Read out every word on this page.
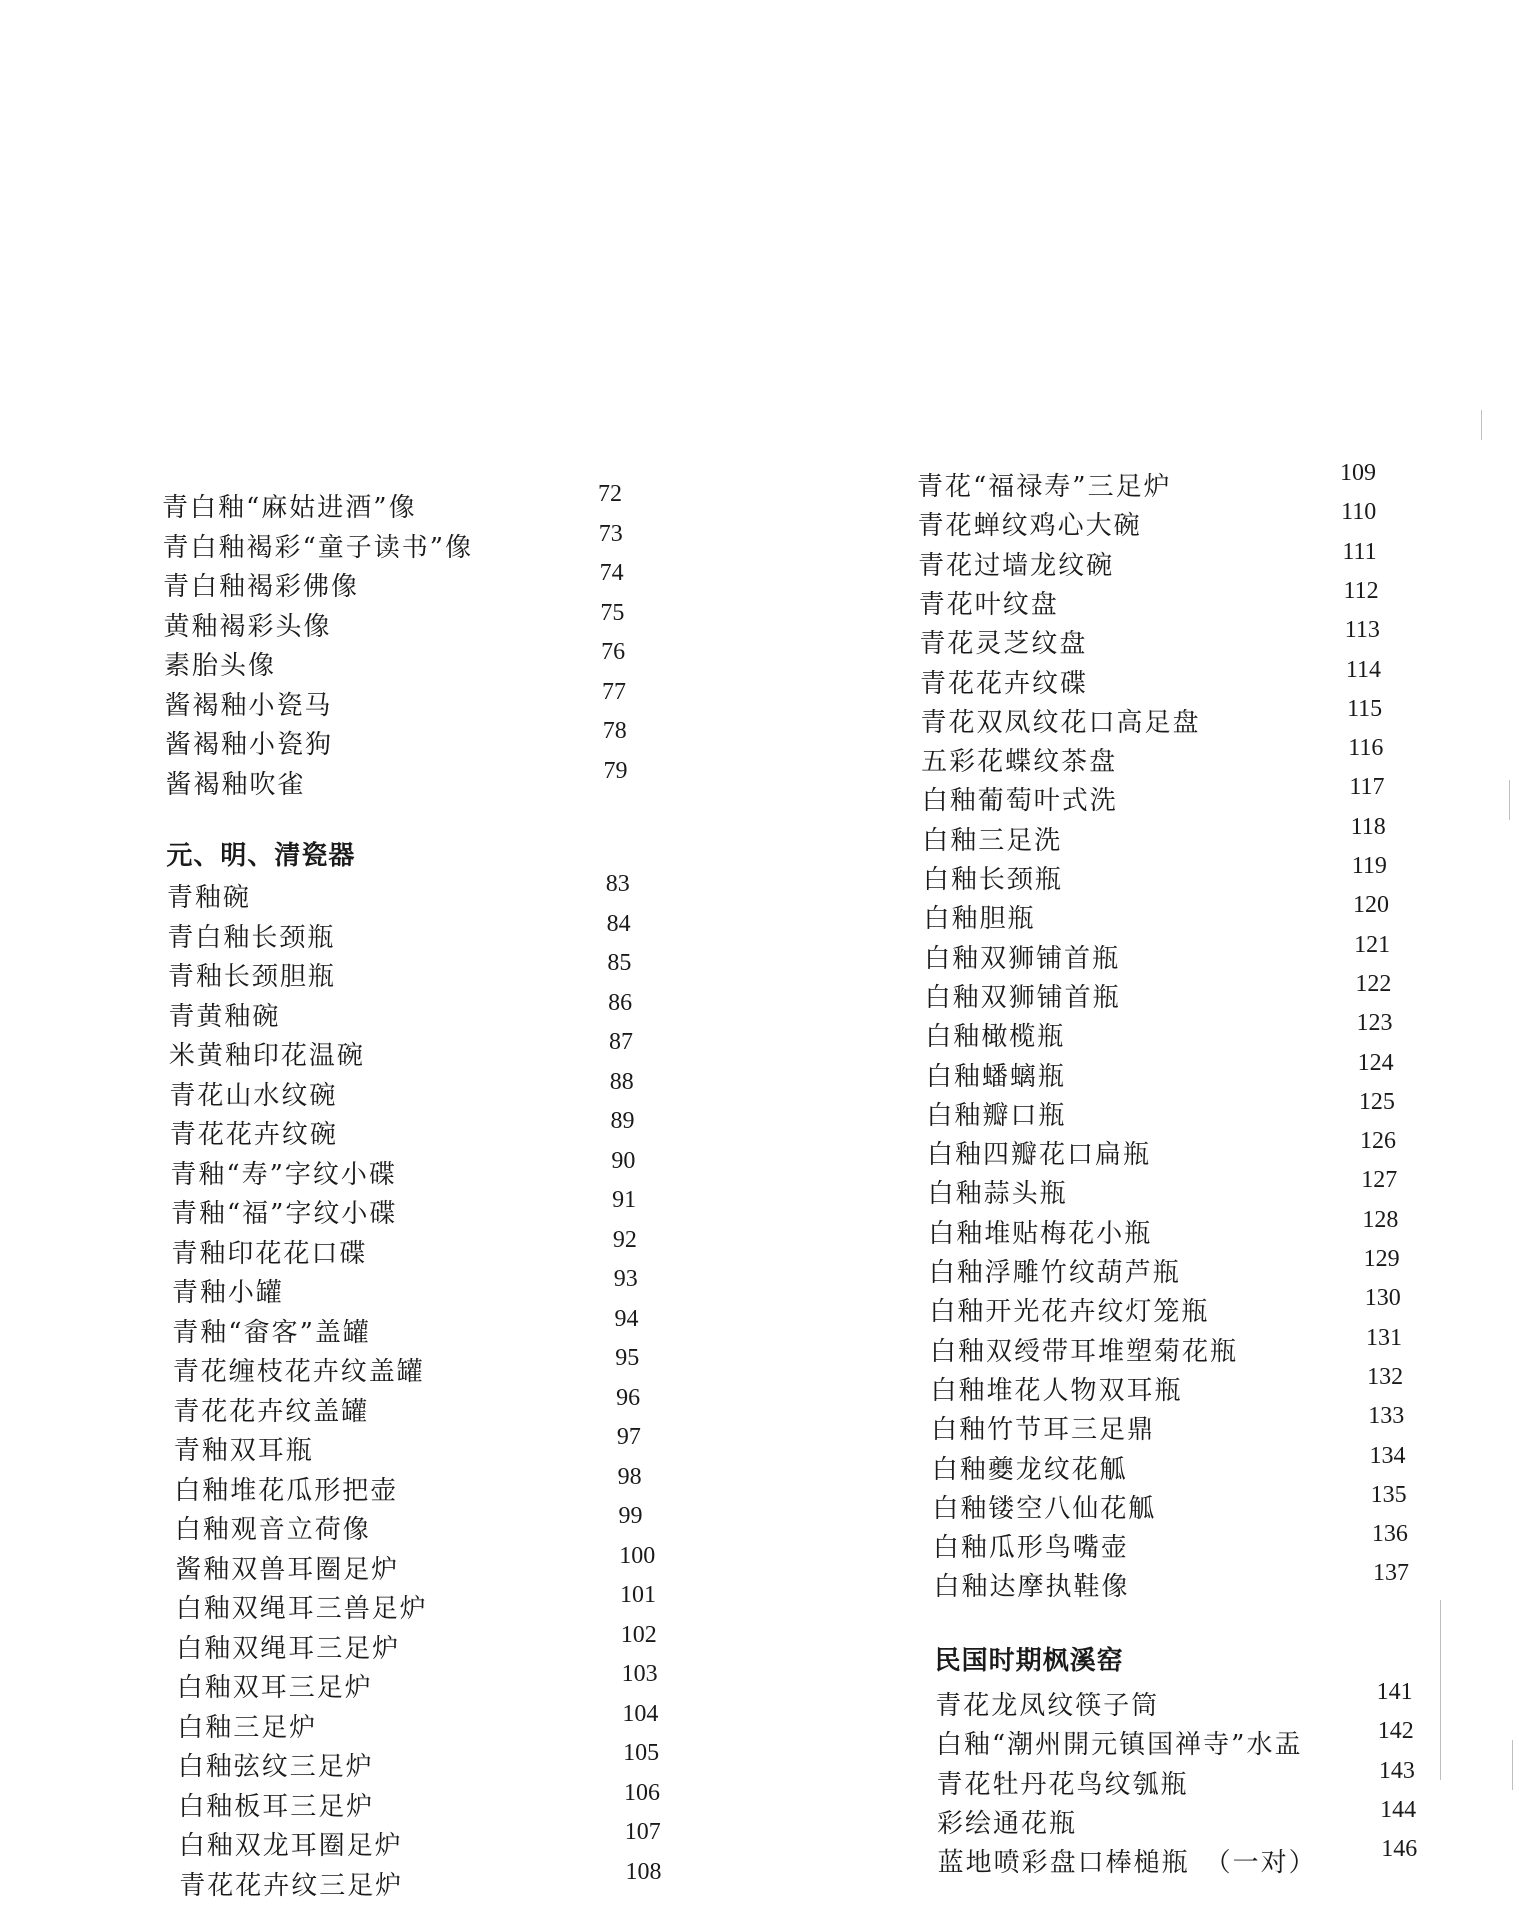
青白釉“麻姑进酒”像	72
青白釉褐彩“童子读书”像	73
青白釉褐彩佛像	74
黄釉褐彩头像	75
素胎头像	76
酱褐釉小瓷马	77
酱褐釉小瓷狗	78
酱褐釉吹雀	79
元、明、清瓷器
青釉碗	83
青白釉长颈瓶	84
青釉长颈胆瓶	85
青黄釉碗	86
米黄釉印花温碗	87
青花山水纹碗	88
青花花卉纹碗	89
青釉“寿”字纹小碟	90
青釉“福”字纹小碟	91
青釉印花花口碟	92
青釉小罐	93
青釉“畲客”盖罐	94
青花缠枝花卉纹盖罐	95
青花花卉纹盖罐	96
青釉双耳瓶	97
白釉堆花瓜形把壶	98
白釉观音立荷像	99
酱釉双兽耳圈足炉	100
白釉双绳耳三兽足炉	101
白釉双绳耳三足炉	102
白釉双耳三足炉	103
白釉三足炉	104
白釉弦纹三足炉	105
白釉板耳三足炉	106
白釉双龙耳圈足炉	107
青花花卉纹三足炉	108
青花“福禄寿”三足炉	109
青花蝉纹鸡心大碗	110
青花过墙龙纹碗	111
青花叶纹盘	112
青花灵芝纹盘	113
青花花卉纹碟	114
青花双凤纹花口高足盘	115
五彩花蝶纹茶盘	116
白釉葡萄叶式洗	117
白釉三足洗	118
白釉长颈瓶	119
白釉胆瓶	120
白釉双狮铺首瓶	121
白釉双狮铺首瓶	122
白釉橄榄瓶	123
白釉蟠螭瓶	124
白釉瓣口瓶	125
白釉四瓣花口扁瓶	126
白釉蒜头瓶	127
白釉堆贴梅花小瓶	128
白釉浮雕竹纹葫芦瓶	129
白釉开光花卉纹灯笼瓶	130
白釉双绶带耳堆塑菊花瓶	131
白釉堆花人物双耳瓶	132
白釉竹节耳三足鼎	133
白釉夔龙纹花觚	134
白釉镂空八仙花觚	135
白釉瓜形鸟嘴壶	136
白釉达摩执鞋像	137
民国时期枫溪窑
青花龙凤纹筷子筒	141
白釉“潮州開元镇国禅寺”水盂	142
青花牡丹花鸟纹瓠瓶	143
彩绘通花瓶	144
蓝地喷彩盘口棒槌瓶　（一对）	146
